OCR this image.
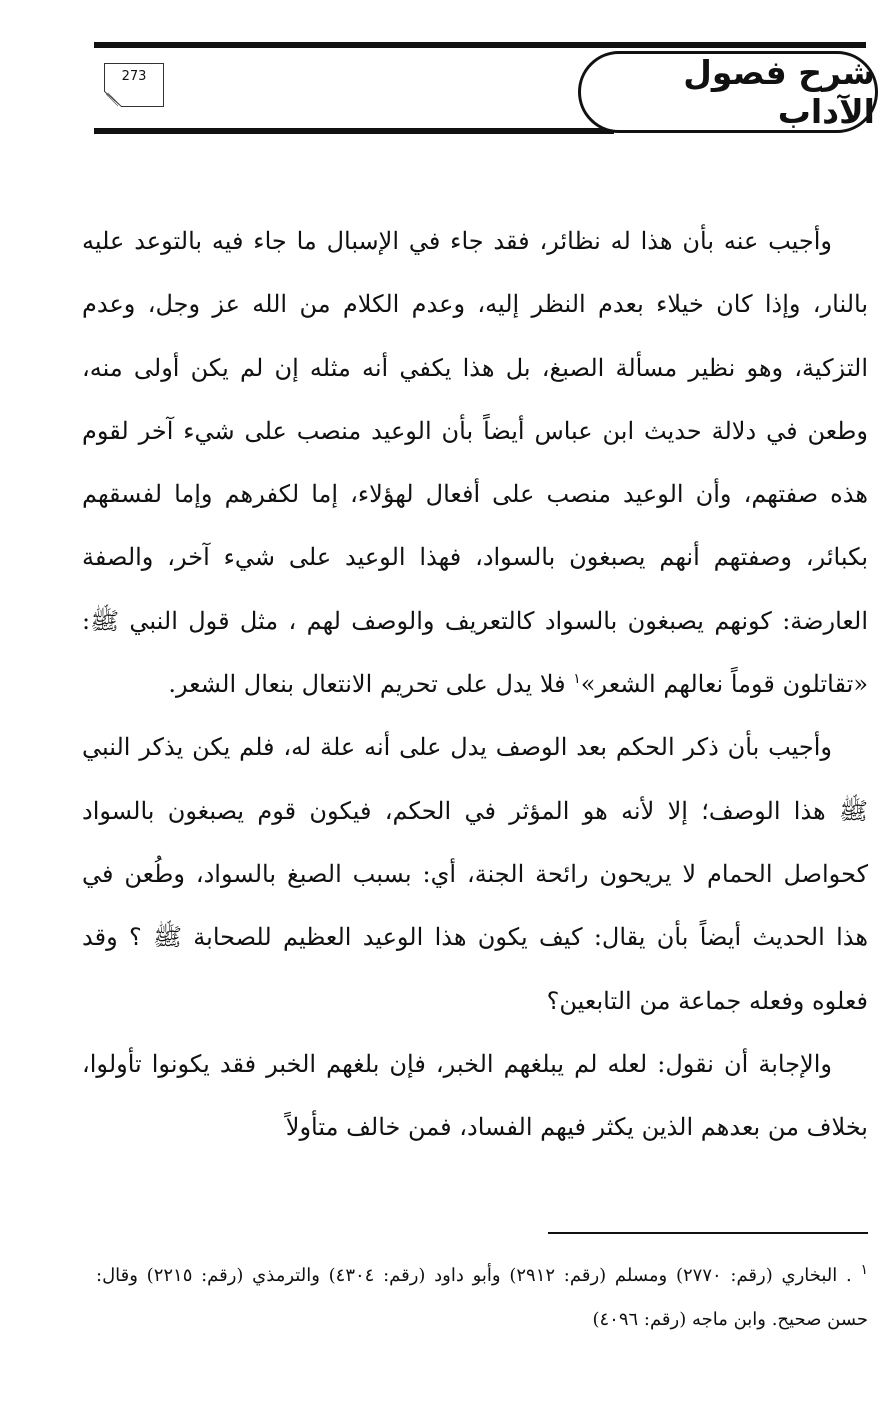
شرح فصول الآداب
273

وأجيب عنه بأن هذا له نظائر، فقد جاء في الإسبال ما جاء فيه بالتوعد عليه بالنار، وإذا كان خيلاء بعدم النظر إليه، وعدم الكلام من الله عز وجل، وعدم التزكية، وهو نظير مسألة الصبغ، بل هذا يكفي أنه مثله إن لم يكن أولى منه، وطعن في دلالة حديث ابن عباس أيضاً بأن الوعيد منصب على شيء آخر لقوم هذه صفتهم، وأن الوعيد منصب على أفعال لهؤلاء، إما لكفرهم وإما لفسقهم بكبائر، وصفتهم أنهم يصبغون بالسواد، فهذا الوعيد على شيء آخر، والصفة العارضة: كونهم يصبغون بالسواد كالتعريف والوصف لهم ، مثل قول النبي ﷺ: «تقاتلون قوماً نعالهم الشعر»$^١$ فلا يدل على تحريم الانتعال بنعال الشعر.

وأجيب بأن ذكر الحكم بعد الوصف يدل على أنه علة له، فلم يكن يذكر النبي ﷺ هذا الوصف؛ إلا لأنه هو المؤثر في الحكم، فيكون قوم يصبغون بالسواد كحواصل الحمام لا يريحون رائحة الجنة، أي: بسبب الصبغ بالسواد، وطُعن في هذا الحديث أيضاً بأن يقال: كيف يكون هذا الوعيد العظيم للصحابة ﷺ ؟ وقد فعلوه وفعله جماعة من التابعين؟

والإجابة أن نقول: لعله لم يبلغهم الخبر، فإن بلغهم الخبر فقد يكونوا تأولوا، بخلاف من بعدهم الذين يكثر فيهم الفساد، فمن خالف متأولاً

$^١$ . البخاري (رقم: ٢٧٧٠) ومسلم (رقم: ٢٩١٢) وأبو داود (رقم: ٤٣٠٤) والترمذي (رقم: ٢٢١٥) وقال: حسن صحيح. وابن ماجه (رقم: ٤٠٩٦)
